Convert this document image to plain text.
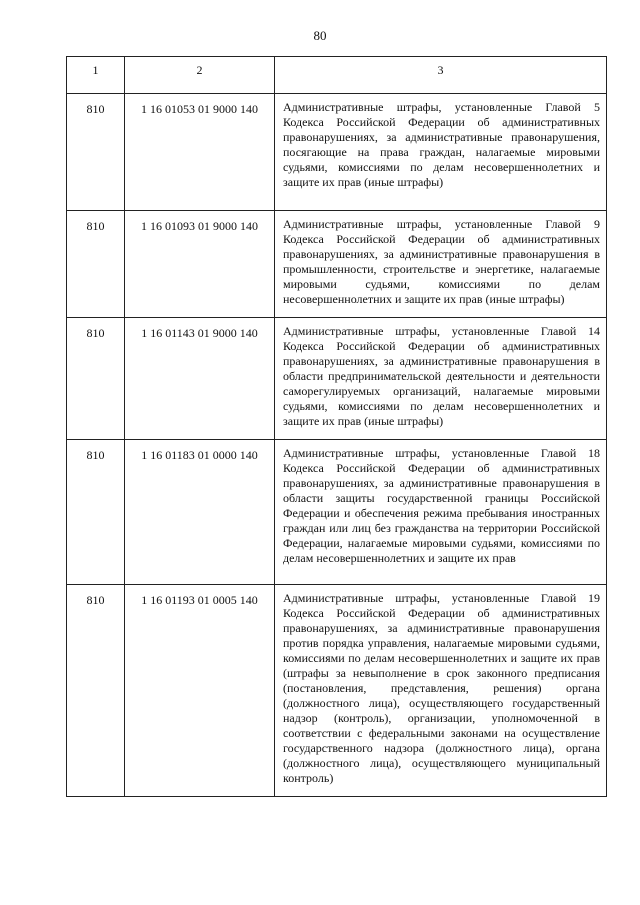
80
1	2	3
810	1 16 01053 01 9000 140	Административные штрафы, установленные Главой 5 Кодекса Российской Федерации об административных правонарушениях, за административные правонарушения, посягающие на права граждан, налагаемые мировыми судьями, комиссиями по делам несовершеннолетних и защите их прав (иные штрафы)
810	1 16 01093 01 9000 140	Административные штрафы, установленные Главой 9 Кодекса Российской Федерации об административных правонарушениях, за административные правонарушения в промышленности, строительстве и энергетике, налагаемые мировыми судьями, комиссиями по делам несовершеннолетних и защите их прав (иные штрафы)
810	1 16 01143 01 9000 140	Административные штрафы, установленные Главой 14 Кодекса Российской Федерации об административных правонарушениях, за административные правонарушения в области предпринимательской деятельности и деятельности саморегулируемых организаций, налагаемые мировыми судьями, комиссиями по делам несовершеннолетних и защите их прав (иные штрафы)
810	1 16 01183 01 0000 140	Административные штрафы, установленные Главой 18 Кодекса Российской Федерации об административных правонарушениях, за административные правонарушения в области защиты государственной границы Российской Федерации и обеспечения режима пребывания иностранных граждан или лиц без гражданства на территории Российской Федерации, налагаемые мировыми судьями, комиссиями по делам несовершеннолетних и защите их прав
810	1 16 01193 01 0005 140	Административные штрафы, установленные Главой 19 Кодекса Российской Федерации об административных правонарушениях, за административные правонарушения против порядка управления, налагаемые мировыми судьями, комиссиями по делам несовершеннолетних и защите их прав (штрафы за невыполнение в срок законного предписания (постановления, представления, решения) органа (должностного лица), осуществляющего государственный надзор (контроль), организации, уполномоченной в соответствии с федеральными законами на осуществление государственного надзора (должностного лица), органа (должностного лица), осуществляющего муниципальный контроль)
